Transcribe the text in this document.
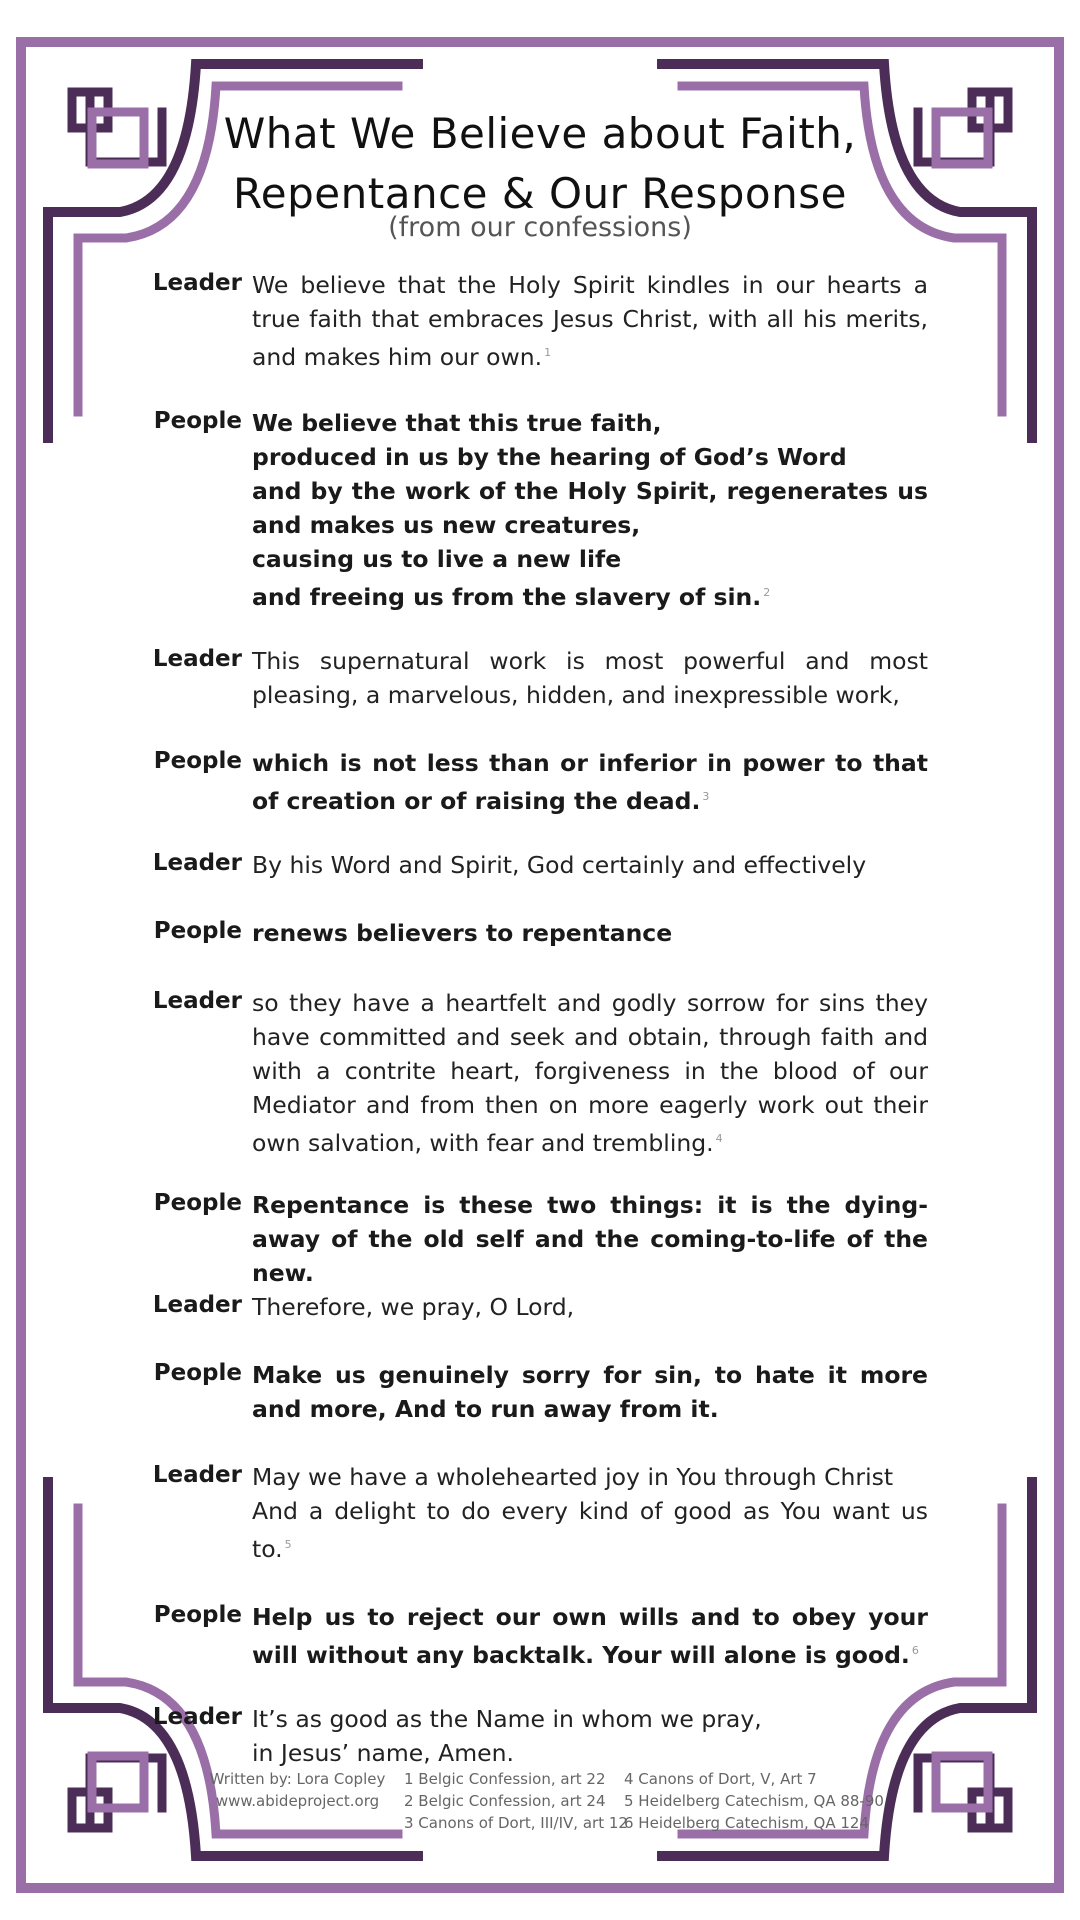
What We Believe about Faith,
Repentance & Our Response
(from our confessions)
Leader We believe that the Holy Spirit kindles in our hearts a true faith that embraces Jesus Christ, with all his merits, and makes him our own. $^1$
People We believe that this true faith,
produced in us by the hearing of God’s Word
and by the work of the Holy Spirit, regenerates us and makes us new creatures,
causing us to live a new life
and freeing us from the slavery of sin. $^2$
Leader This supernatural work is most powerful and most pleasing, a marvelous, hidden, and inexpressible work,
People which is not less than or inferior in power to that of creation or of raising the dead. $^3$
Leader By his Word and Spirit, God certainly and effectively
People renews believers to repentance
Leader so they have a heartfelt and godly sorrow for sins they have committed and seek and obtain, through faith and with a contrite heart, forgiveness in the blood of our Mediator and from then on more eagerly work out their own salvation, with fear and trembling. $^4$
People Repentance is these two things: it is the dying-away of the old self and the coming-to-life of the new.
Leader Therefore, we pray, O Lord,
People Make us genuinely sorry for sin, to hate it more and more, And to run away from it.
Leader May we have a wholehearted joy in You through Christ
And a delight to do every kind of good as You want us to. $^5$
People Help us to reject our own wills and to obey your will without any backtalk. Your will alone is good. $^6$
Leader It’s as good as the Name in whom we pray,
in Jesus’ name, Amen.
Written by: Lora Copley
www.abideproject.org
1 Belgic Confession, art 22
2 Belgic Confession, art 24
3 Canons of Dort, III/IV, art 12
4 Canons of Dort, V, Art 7
5 Heidelberg Catechism, QA 88-90
6 Heidelberg Catechism, QA 124
